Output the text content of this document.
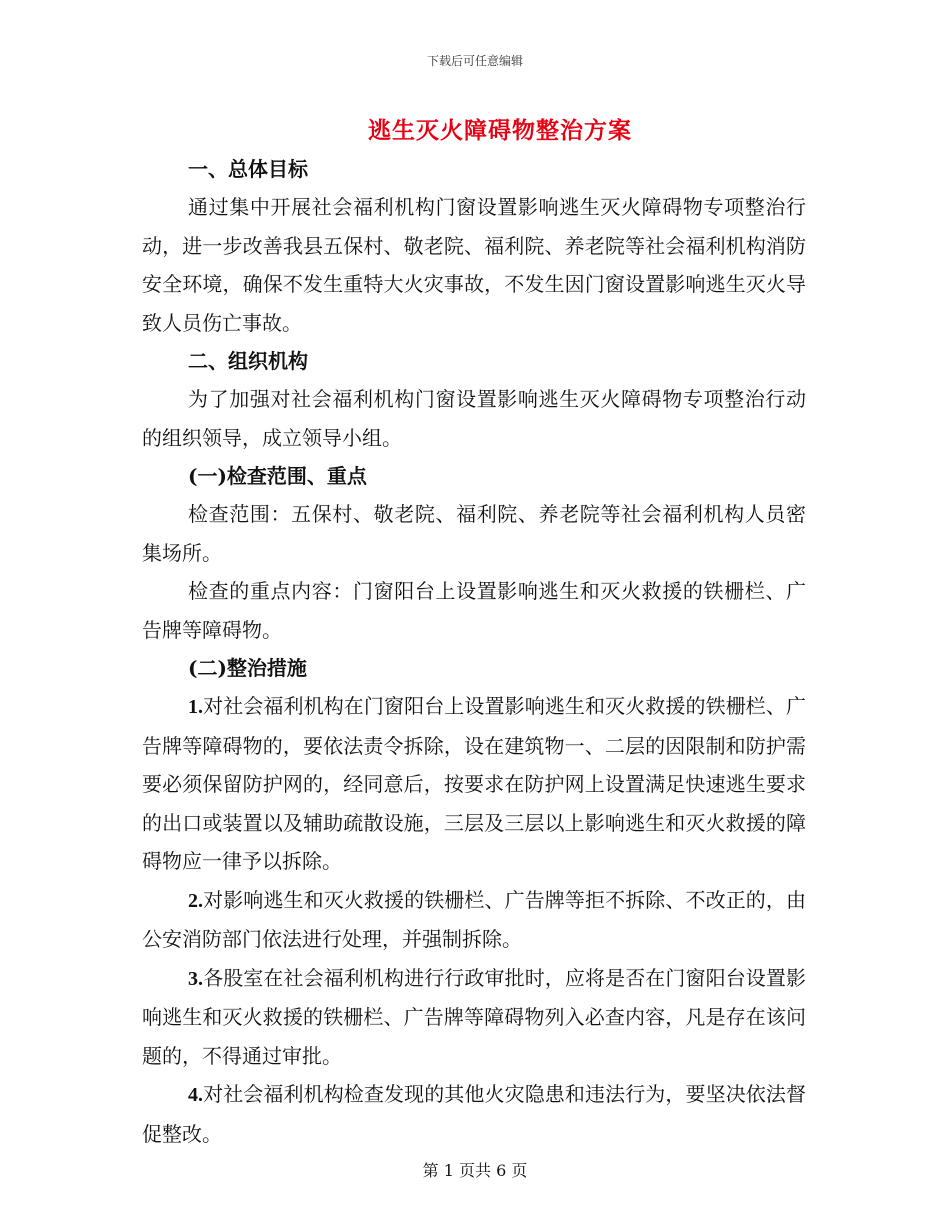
下载后可任意编辑
逃生灭火障碍物整治方案

一、总体目标

通过集中开展社会福利机构门窗设置影响逃生灭火障碍物专项整治行动，进一步改善我县五保村、敬老院、福利院、养老院等社会福利机构消防安全环境，确保不发生重特大火灾事故，不发生因门窗设置影响逃生灭火导致人员伤亡事故。

二、组织机构

为了加强对社会福利机构门窗设置影响逃生灭火障碍物专项整治行动的组织领导，成立领导小组。

(一)检查范围、重点

检查范围：五保村、敬老院、福利院、养老院等社会福利机构人员密集场所。

检查的重点内容：门窗阳台上设置影响逃生和灭火救援的铁栅栏、广告牌等障碍物。

(二)整治措施

1.对社会福利机构在门窗阳台上设置影响逃生和灭火救援的铁栅栏、广告牌等障碍物的，要依法责令拆除，设在建筑物一、二层的因限制和防护需要必须保留防护网的，经同意后，按要求在防护网上设置满足快速逃生要求的出口或装置以及辅助疏散设施，三层及三层以上影响逃生和灭火救援的障碍物应一律予以拆除。

2.对影响逃生和灭火救援的铁栅栏、广告牌等拒不拆除、不改正的，由公安消防部门依法进行处理，并强制拆除。

3.各股室在社会福利机构进行行政审批时，应将是否在门窗阳台设置影响逃生和灭火救援的铁栅栏、广告牌等障碍物列入必查内容，凡是存在该问题的，不得通过审批。

4.对社会福利机构检查发现的其他火灾隐患和违法行为，要坚决依法督促整改。

第 1 页共 6 页
